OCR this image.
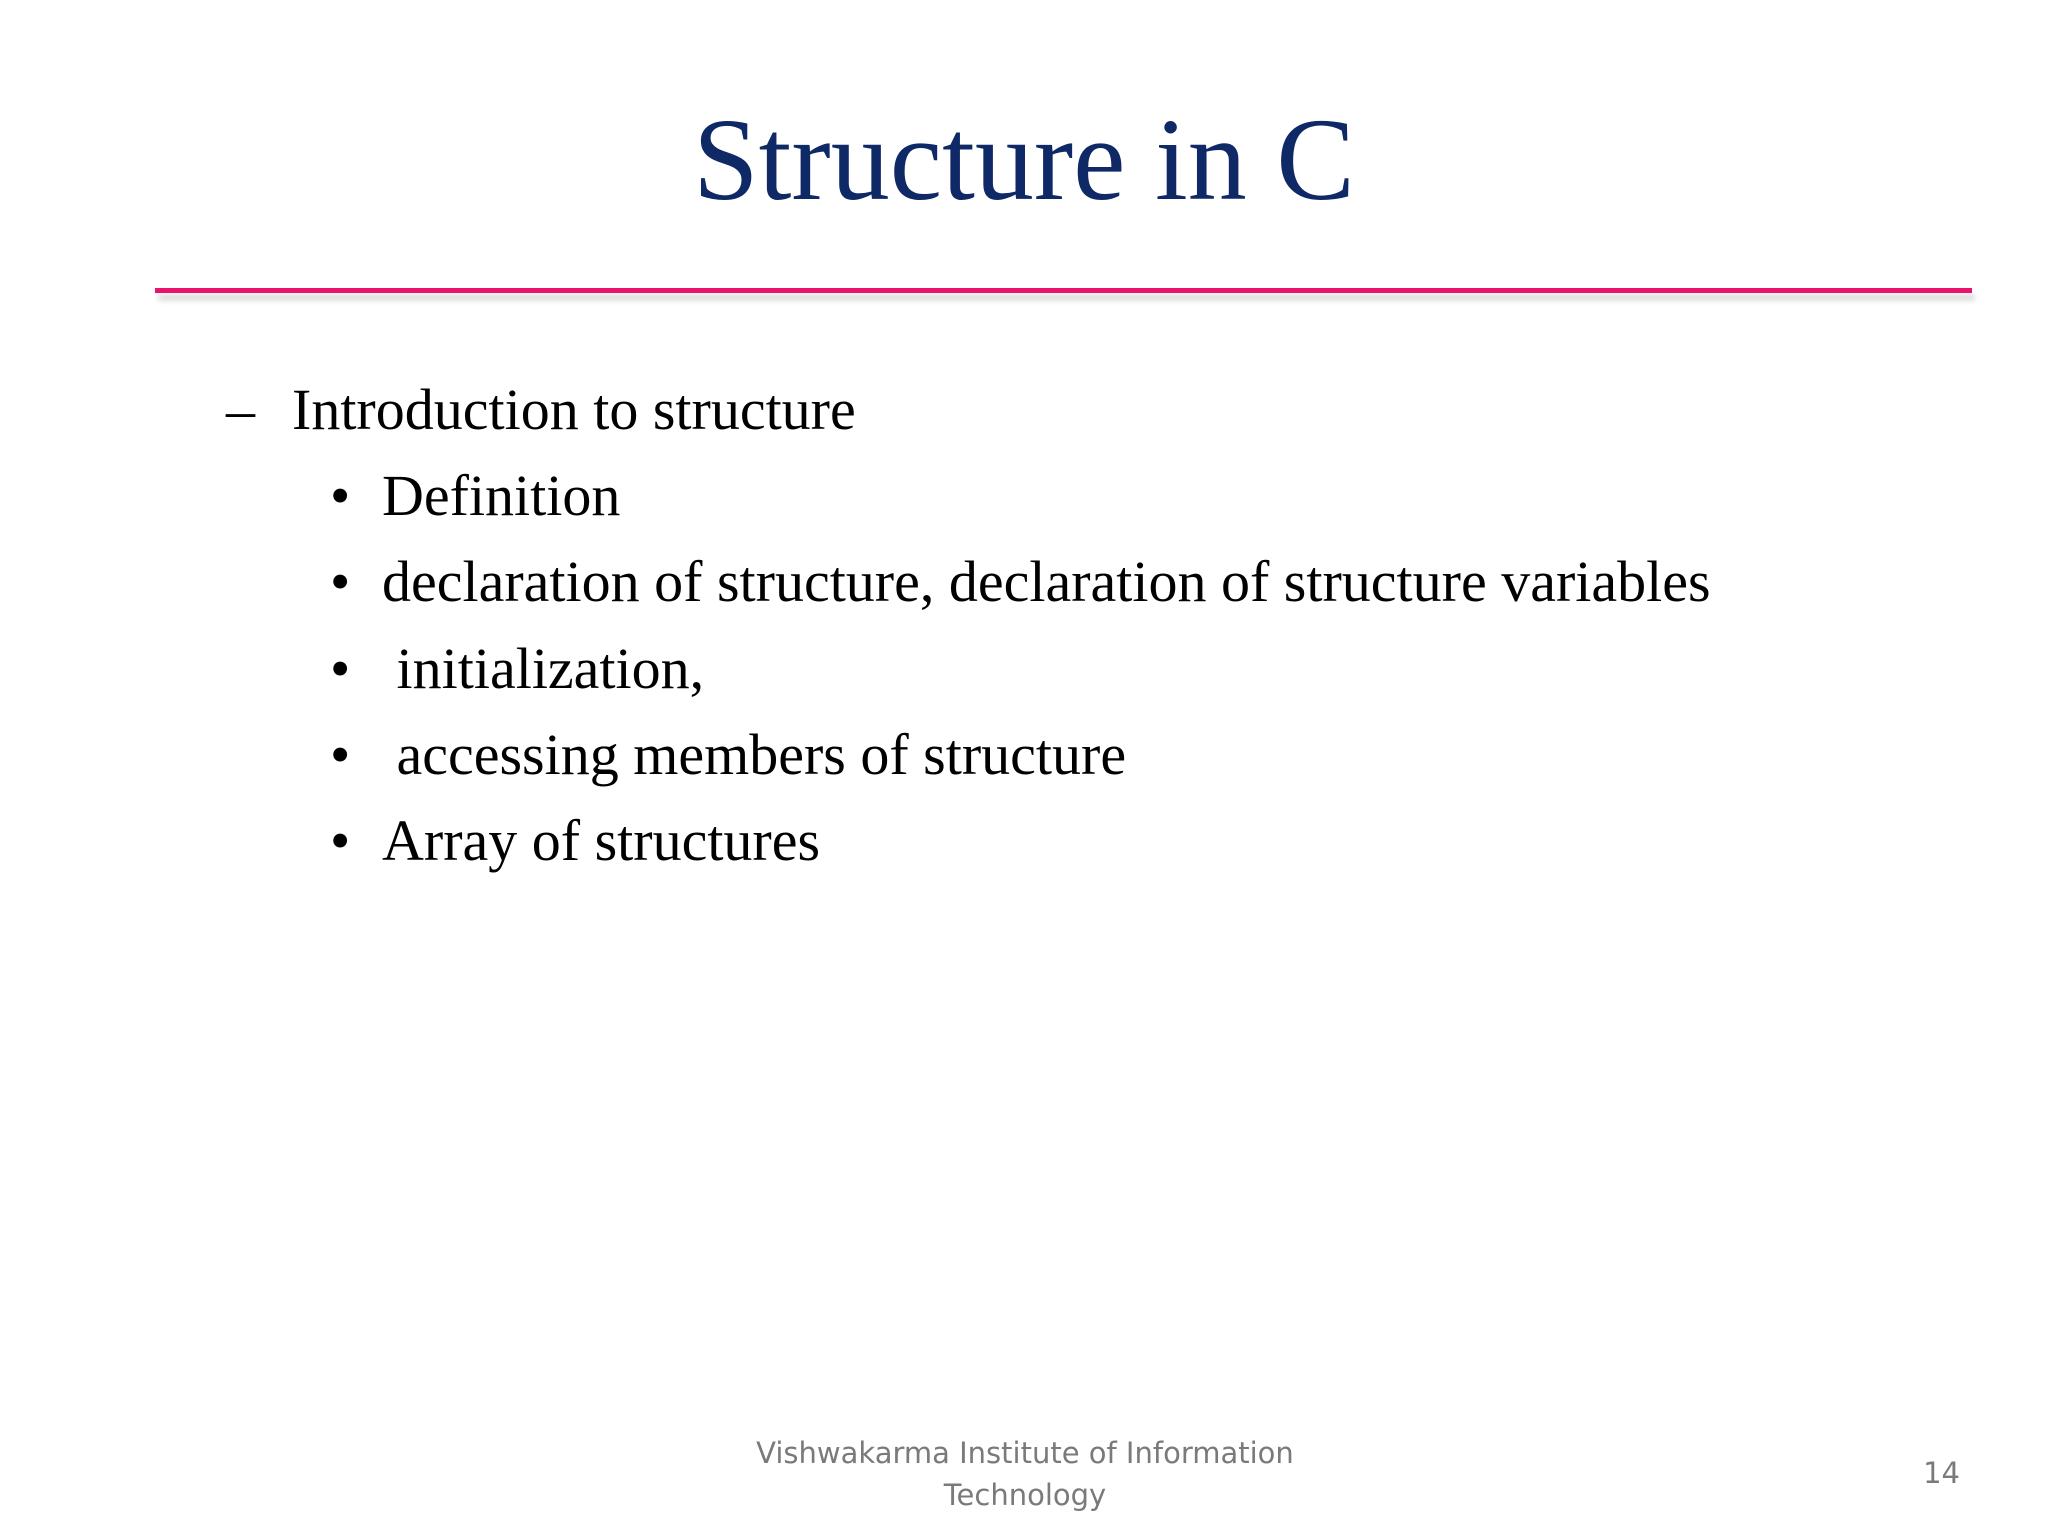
Structure in C
– Introduction to structure
• Definition
• declaration of structure, declaration of structure variables
• initialization,
• accessing members of structure
• Array of structures
Vishwakarma Institute of Information
Technology
14
